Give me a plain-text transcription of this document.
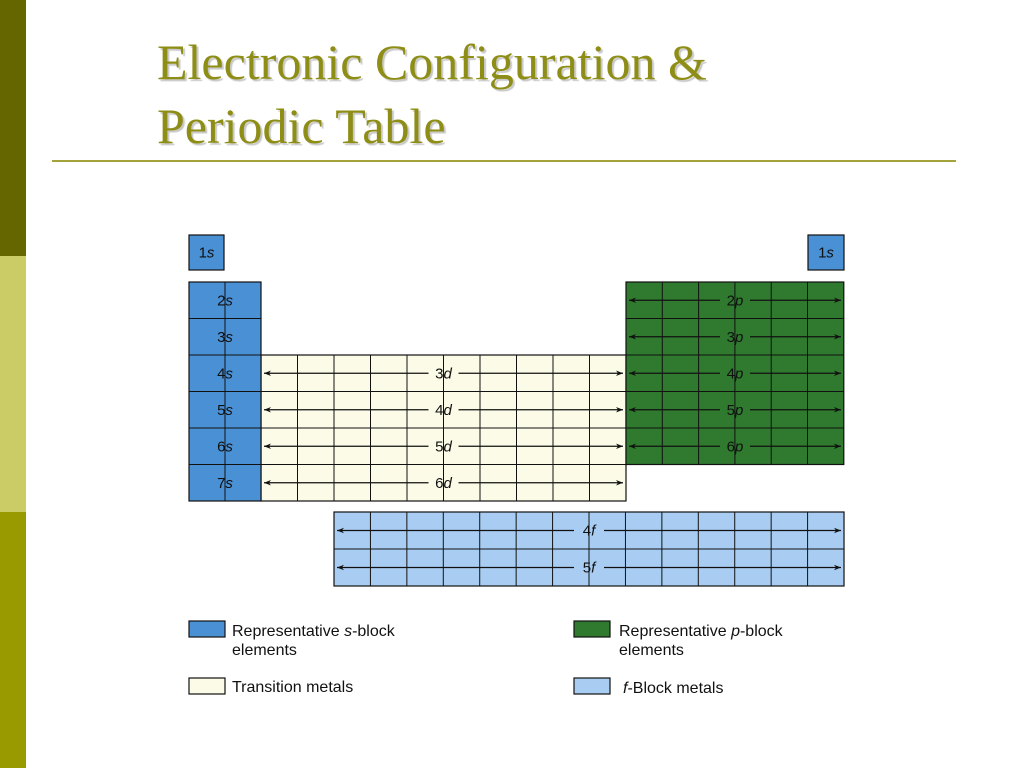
Electronic Configuration &
Periodic Table
1s	1s
3d
4d
5d
6d
2s
3s
4s
5s
6s
7s
2p
3p
4p
5p
6p
4f
5f
Representative s-block
elements
Representative p-block
elements
Transition metals	f-Block metals
